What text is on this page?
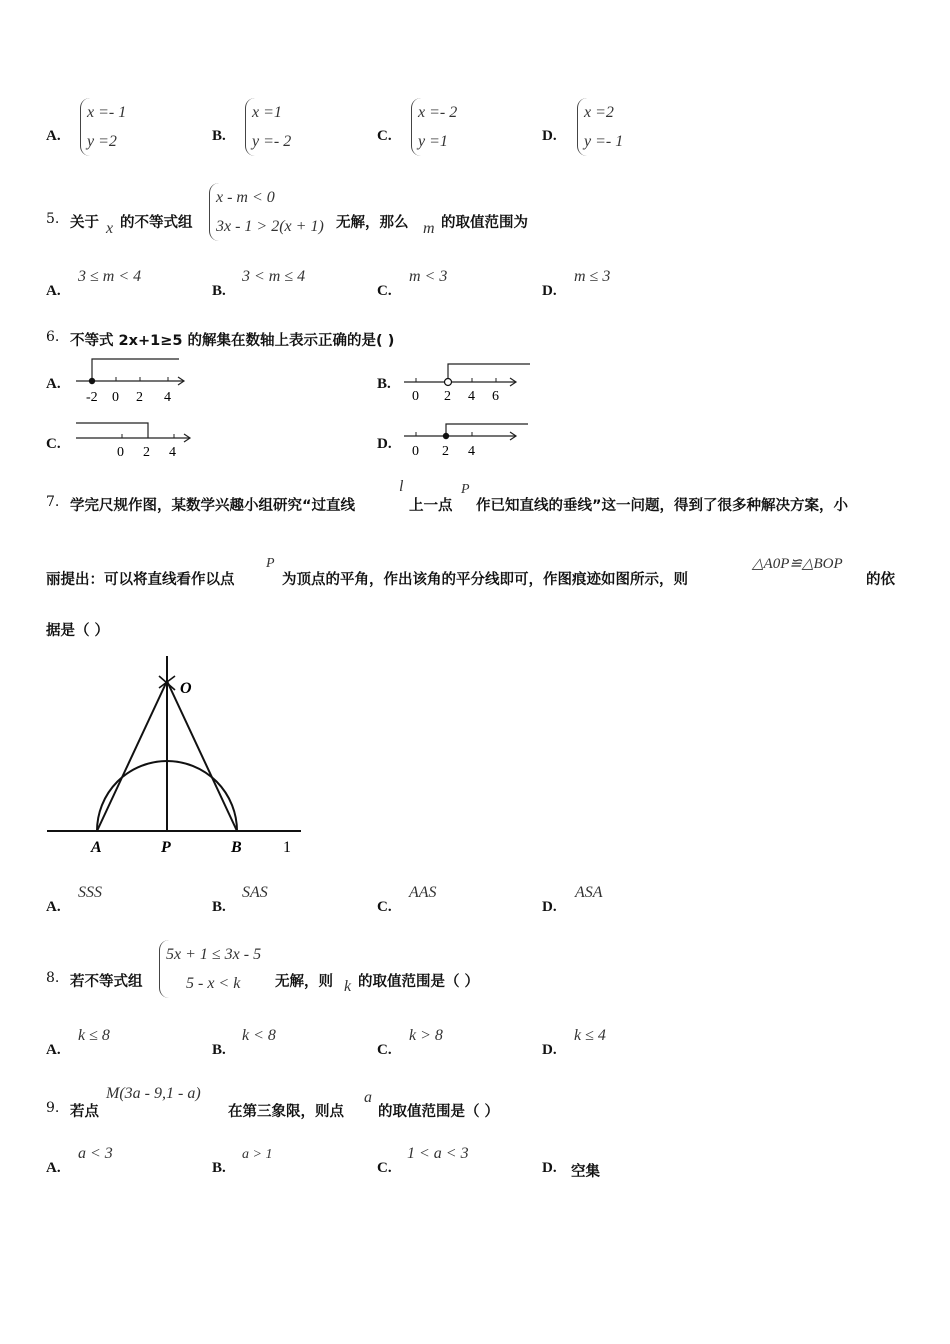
A.
x =- 1
y =2	B.
x =1
y =- 2	C.
x =- 2
y =1	D.
x =2
y =- 1
5. 关于 x 的不等式组
x - m < 0
3x - 1 > 2(x + 1) 无解，那么 m 的取值范围为
A.
3 ≤ m < 4
B.
3 < m ≤ 4
C.
m < 3
D.
m ≤ 3
6. 不等式 2x+1≥5 的解集在数轴上表示正确的是( )
A.
-2 0 2 4
B.
0 2 4 6
C.
0 2 4
D. 0 2 4
7. 学完尺规作图，某数学兴趣小组研究“过直线
l
上一点
P
作已知直线的垂线”这一问题，得到了很多种解决方案，小
丽提出：可以将直线看作以点
P
为顶点的平角，作出该角的平分线即可，作图痕迹如图所示，则
△A0P≌△BOP
的依
据是（ ）
O
A	P	B	1
A.
SSS
B.
SAS
C.
AAS
D.
ASA
8. 若不等式组
5x + 1 ≤ 3x - 5
5 - x < k	无解，则 k 的取值范围是（ ）
A.
k ≤ 8
B.
k < 8
C.
k > 8
D.
k ≤ 4
9. 若点
M(3a - 9,1 - a)
在第三象限，则点
a
的取值范围是（ ）
A.
a < 3
B.
a > 1
C.
1 < a < 3
D. 空集
